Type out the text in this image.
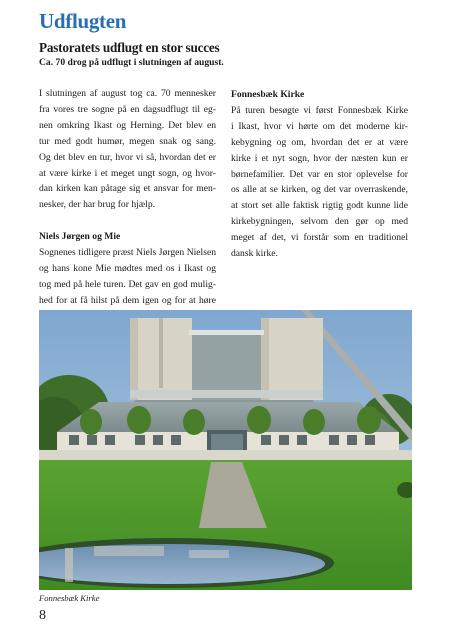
Udflugten
Pastoratets udflugt en stor succes
Ca. 70 drog på udflugt i slutningen af august.
I slutningen af august tog ca. 70 mennesker
fra vores tre sogne på en dagsudflugt til eg-
nen omkring Ikast og Herning. Det blev en
tur med godt humør, megen snak og sang.
Og det blev en tur, hvor vi så, hvordan det er
at være kirke i et meget ungt sogn, og hvor-
dan kirken kan påtage sig et ansvar for men-
nesker, der har brug for hjælp.
Niels Jørgen og Mie
Sognenes tidligere præst Niels Jørgen Nielsen
og hans kone Mie mødtes med os i Ikast og
tog med på hele turen. Det gav en god mulig-
hed for at få hilst på dem igen og for at høre
Fonnesbæk Kirke
På turen besøgte vi først Fonnesbæk Kirke
i Ikast, hvor vi hørte om det moderne kir-
kebygning og om, hvordan det er at være
kirke i et nyt sogn, hvor der næsten kun er
børnefamilier. Det var en stor oplevelse for
os alle at se kirken, og det var overraskende,
at stort set alle faktisk rigtig godt kunne lide
kirkebygningen, selvom den gør op med
meget af det, vi forstår som en traditionel
dansk kirke.
Fonnesbæk Kirke
8
